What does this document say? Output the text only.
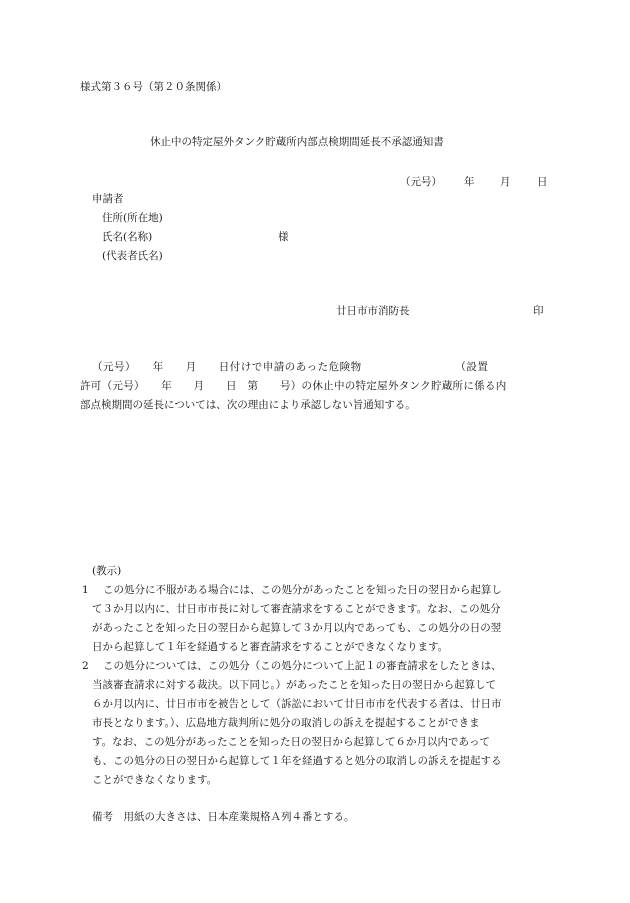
様式第３６号（第２０条関係）
休止中の特定屋外タンク貯蔵所内部点検期間延長不承認通知書
（元号） 年 月	日
申請者
住所(所在地)
氏名(名称)	様
(代表者氏名)
廿日市市消防長	印
（元号）　　年　　月　　日付けで申請のあった危険物　　　　　　　　　（設置
許可（元号）　　年　　月　　日　第　　号）の休止中の特定屋外タンク貯蔵所に係る内
部点検期間の延長については、次の理由により承認しない旨通知する。
(教示)
1 この処分に不服がある場合には、この処分があったことを知った日の翌日から起算し
て３か月以内に、廿日市市長に対して審査請求をすることができます。なお、この処分
があったことを知った日の翌日から起算して３か月以内であっても、この処分の日の翌
日から起算して１年を経過すると審査請求をすることができなくなります。
2 この処分については、この処分（この処分について上記１の審査請求をしたときは、
当該審査請求に対する裁決。以下同じ。）があったことを知った日の翌日から起算して
６か月以内に、廿日市市を被告として（訴訟において廿日市市を代表する者は、廿日市
市長となります。）、広島地方裁判所に処分の取消しの訴えを提起することができま
す。なお、この処分があったことを知った日の翌日から起算して６か月以内であって
も、この処分の日の翌日から起算して１年を経過すると処分の取消しの訴えを提起する
ことができなくなります。
備考　用紙の大きさは、日本産業規格Ａ列４番とする。
